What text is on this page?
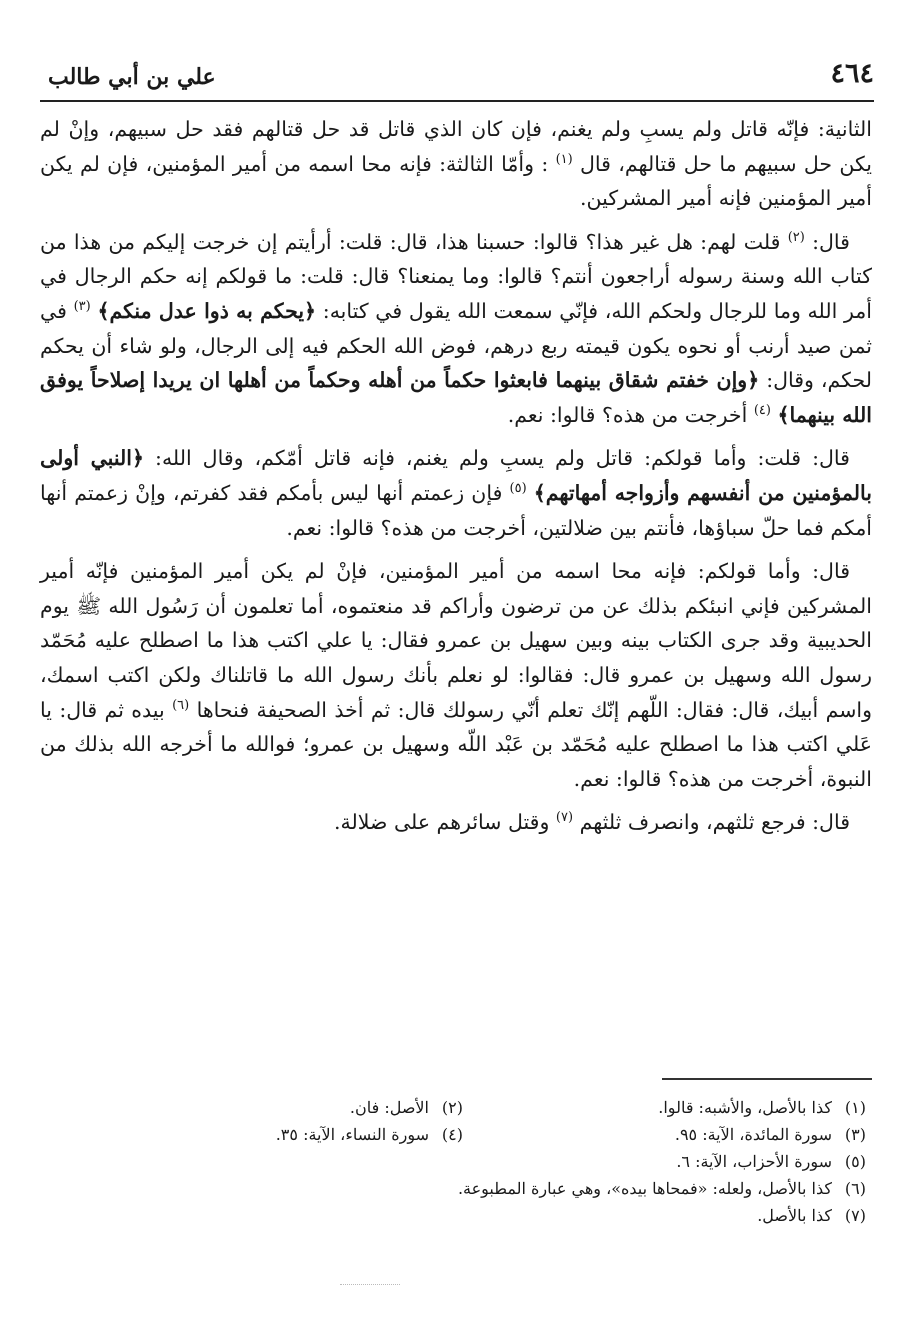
٤٦٤
علي بن أبي طالب

الثانية: فإنّه قاتل ولم يسبِ ولم يغنم، فإن كان الذي قاتل قد حل قتالهم فقد حل سبيهم، وإنْ لم يكن حل سبيهم ما حل قتالهم، قال $^{(١)}$ : وأمّا الثالثة: فإنه محا اسمه من أمير المؤمنين، فإن لم يكن أمير المؤمنين فإنه أمير المشركين.

قال: $^{(٢)}$ قلت لهم: هل غير هذا؟ قالوا: حسبنا هذا، قال: قلت: أرأيتم إن خرجت إليكم من هذا من كتاب الله وسنة رسوله أراجعون أنتم؟ قالوا: وما يمنعنا؟ قال: قلت: ما قولكم إنه حكم الرجال في أمر الله وما للرجال ولحكم الله، فإنّي سمعت الله يقول في كتابه: ﴿يحكم به ذوا عدل منكم﴾ $^{(٣)}$ في ثمن صيد أرنب أو نحوه يكون قيمته ربع درهم، فوض الله الحكم فيه إلى الرجال، ولو شاء أن يحكم لحكم، وقال: ﴿وإن خفتم شقاق بينهما فابعثوا حكماً من أهله وحكماً من أهلها ان يريدا إصلاحاً يوفق الله بينهما﴾ $^{(٤)}$ أخرجت من هذه؟ قالوا: نعم.

قال: قلت: وأما قولكم: قاتل ولم يسبِ ولم يغنم، فإنه قاتل أمّكم، وقال الله: ﴿النبي أولى بالمؤمنين من أنفسهم وأزواجه أمهاتهم﴾ $^{(٥)}$ فإن زعمتم أنها ليس بأمكم فقد كفرتم، وإنْ زعمتم أنها أمكم فما حلّ سباؤها، فأنتم بين ضلالتين، أخرجت من هذه؟ قالوا: نعم.

قال: وأما قولكم: فإنه محا اسمه من أمير المؤمنين، فإنْ لم يكن أمير المؤمنين فإنّه أمير المشركين فإني انبئكم بذلك عن من ترضون وأراكم قد منعتموه، أما تعلمون أن رَسُول الله ﷺ يوم الحديبية وقد جرى الكتاب بينه وبين سهيل بن عمرو فقال: يا علي اكتب هذا ما اصطلح عليه مُحَمّد رسول الله وسهيل بن عمرو قال: فقالوا: لو نعلم بأنك رسول الله ما قاتلناك ولكن اكتب اسمك، واسم أبيك، قال: فقال: اللّهم إنّك تعلم أنّي رسولك قال: ثم أخذ الصحيفة فنحاها $^{(٦)}$ بيده ثم قال: يا عَلي اكتب هذا ما اصطلح عليه مُحَمّد بن عَبْد اللّه وسهيل بن عمرو؛ فوالله ما أخرجه الله بذلك من النبوة، أخرجت من هذه؟ قالوا: نعم.

قال: فرجع ثلثهم، وانصرف ثلثهم $^{(٧)}$ وقتل سائرهم على ضلالة.

(١)كذا بالأصل، والأشبه: قالوا.
(٢)الأصل: فان.
(٣)سورة المائدة، الآية: ٩٥.
(٤)سورة النساء، الآية: ٣٥.
(٥)سورة الأحزاب، الآية: ٦.
(٦)كذا بالأصل، ولعله: «فمحاها بيده»، وهي عبارة المطبوعة.
(٧)كذا بالأصل.
